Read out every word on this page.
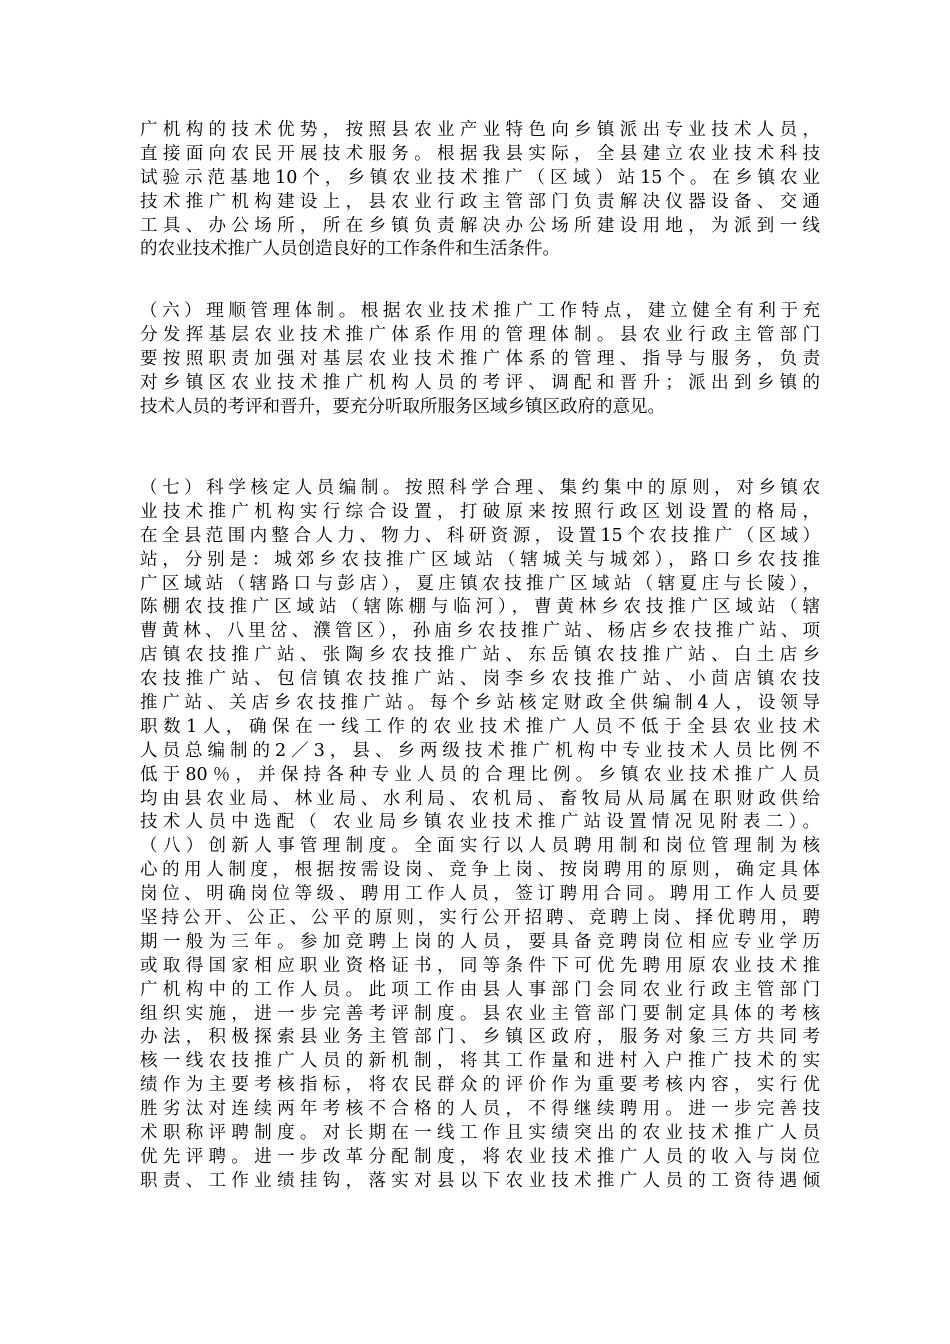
广机构的技术优势，按照县农业产业特色向乡镇派出专业技术人员，
直接面向农民开展技术服务。根据我县实际，全县建立农业技术科技
试验示范基地10个，乡镇农业技术推广（区域）站15个。在乡镇农业
技术推广机构建设上，县农业行政主管部门负责解决仪器设备、交通
工具、办公场所，所在乡镇负责解决办公场所建设用地，为派到一线
的农业技术推广人员创造良好的工作条件和生活条件。
（六）理顺管理体制。根据农业技术推广工作特点，建立健全有利于充
分发挥基层农业技术推广体系作用的管理体制。县农业行政主管部门
要按照职责加强对基层农业技术推广体系的管理、指导与服务，负责
对乡镇区农业技术推广机构人员的考评、调配和晋升；派出到乡镇的
技术人员的考评和晋升，要充分听取所服务区域乡镇区政府的意见。
（七）科学核定人员编制。按照科学合理、集约集中的原则，对乡镇农
业技术推广机构实行综合设置，打破原来按照行政区划设置的格局，
在全县范围内整合人力、物力、科研资源，设置15个农技推广（区域）
站，分别是：城郊乡农技推广区域站（辖城关与城郊），路口乡农技推
广区域站（辖路口与彭店），夏庄镇农技推广区域站（辖夏庄与长陵），
陈棚农技推广区域站（辖陈棚与临河），曹黄林乡农技推广区域站（辖
曹黄林、八里岔、濮管区），孙庙乡农技推广站、杨店乡农技推广站、项
店镇农技推广站、张陶乡农技推广站、东岳镇农技推广站、白土店乡
农技推广站、包信镇农技推广站、岗李乡农技推广站、小茴店镇农技
推广站、关店乡农技推广站。每个乡站核定财政全供编制4人，设领导
职数1人，确保在一线工作的农业技术推广人员不低于全县农业技术
人员总编制的2／3，县、乡两级技术推广机构中专业技术人员比例不
低于80％，并保持各种专业人员的合理比例。乡镇农业技术推广人员
均由县农业局、林业局、水利局、农机局、畜牧局从局属在职财政供给
技术人员中选配（ 农业局乡镇农业技术推广站设置情况见附表二）。
（八）创新人事管理制度。全面实行以人员聘用制和岗位管理制为核
心的用人制度，根据按需设岗、竞争上岗、按岗聘用的原则，确定具体
岗位、明确岗位等级、聘用工作人员，签订聘用合同。聘用工作人员要
坚持公开、公正、公平的原则，实行公开招聘、竞聘上岗、择优聘用，聘
期一般为三年。参加竞聘上岗的人员，要具备竞聘岗位相应专业学历
或取得国家相应职业资格证书，同等条件下可优先聘用原农业技术推
广机构中的工作人员。此项工作由县人事部门会同农业行政主管部门
组织实施，进一步完善考评制度。县农业主管部门要制定具体的考核
办法，积极探索县业务主管部门、乡镇区政府，服务对象三方共同考
核一线农技推广人员的新机制，将其工作量和进村入户推广技术的实
绩作为主要考核指标，将农民群众的评价作为重要考核内容，实行优
胜劣汰对连续两年考核不合格的人员，不得继续聘用。进一步完善技
术职称评聘制度。对长期在一线工作且实绩突出的农业技术推广人员
优先评聘。进一步改革分配制度，将农业技术推广人员的收入与岗位
职责、工作业绩挂钩，落实对县以下农业技术推广人员的工资待遇倾
